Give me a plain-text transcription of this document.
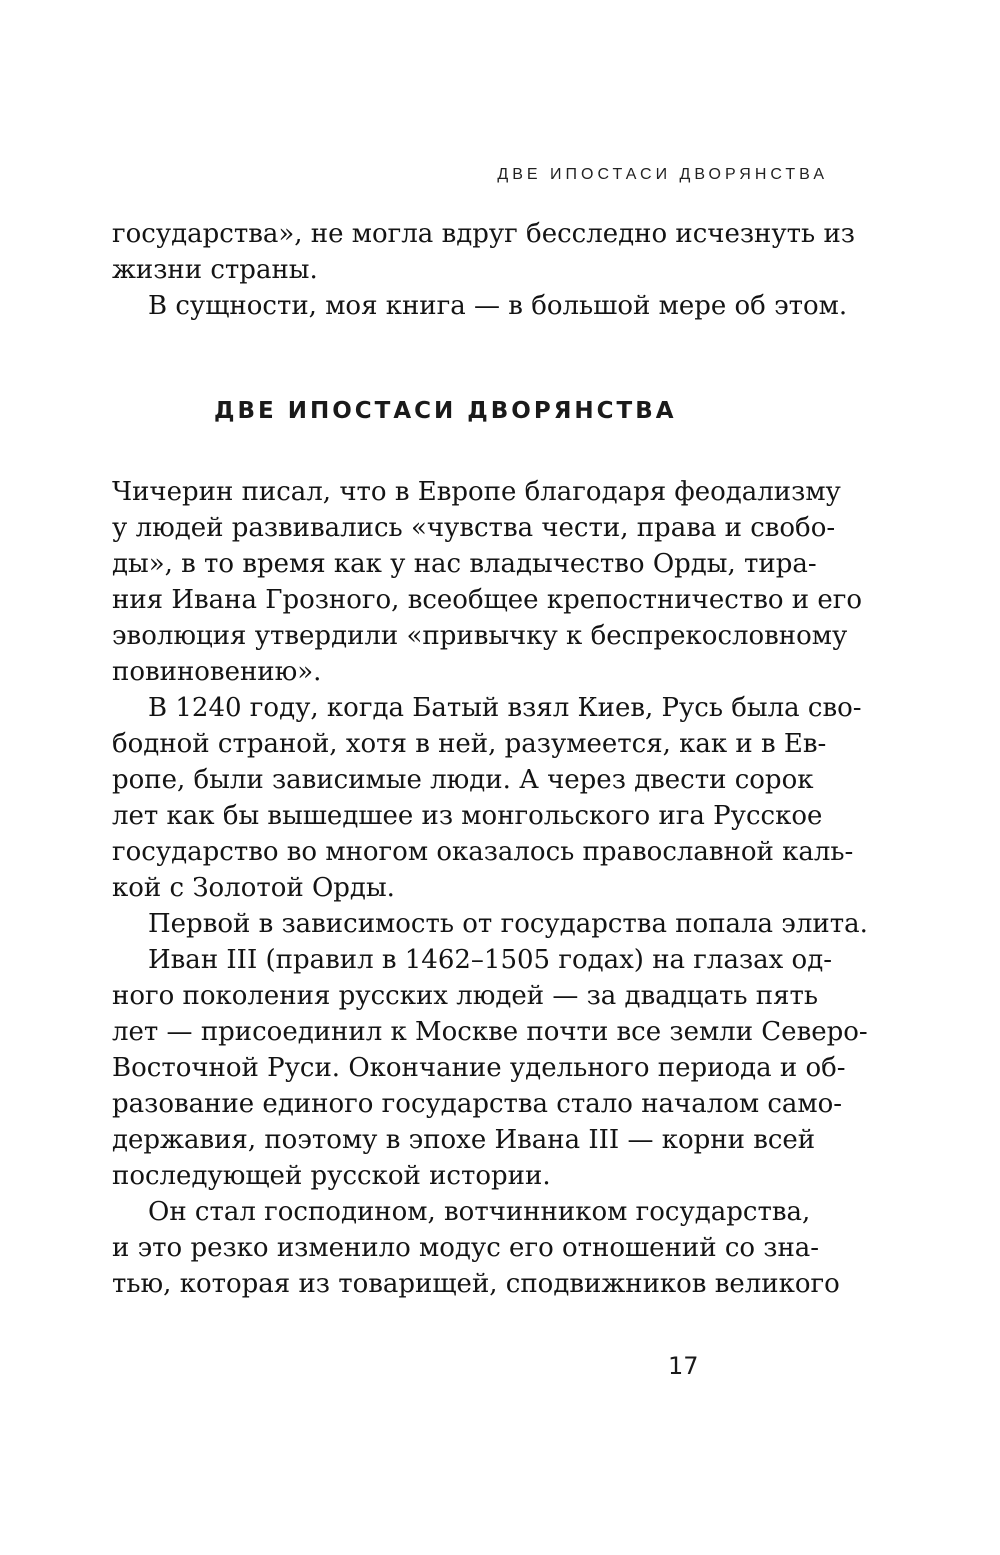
ДВЕ ИПОСТАСИ ДВОРЯНСТВА

государства», не могла вдруг бесследно исчезнуть из

жизни страны.

В сущности, моя книга — в большой мере об этом.

ДВЕ ИПОСТАСИ ДВОРЯНСТВА

Чичерин писал, что в Европе благодаря феодализму

у людей развивались «чувства чести, права и свобо-

ды», в то время как у нас владычество Орды, тира-

ния Ивана Грозного, всеобщее крепостничество и его

эволюция утвердили «привычку к беспрекословному

повиновению».

В 1240 году, когда Батый взял Киев, Русь была сво-

бодной страной, хотя в ней, разумеется, как и в Ев-

ропе, были зависимые люди. А через двести сорок

лет как бы вышедшее из монгольского ига Русское

государство во многом оказалось православной каль-

кой с Золотой Орды.

Первой в зависимость от государства попала элита.

Иван III (правил в 1462–1505 годах) на глазах од-

ного поколения русских людей — за двадцать пять

лет — присоединил к Москве почти все земли Северо-

Восточной Руси. Окончание удельного периода и об-

разование единого государства стало началом само-

державия, поэтому в эпохе Ивана III — корни всей

последующей русской истории.

Он стал господином, вотчинником государства,

и это резко изменило модус его отношений со зна-

тью, которая из товарищей, сподвижников великого

17
